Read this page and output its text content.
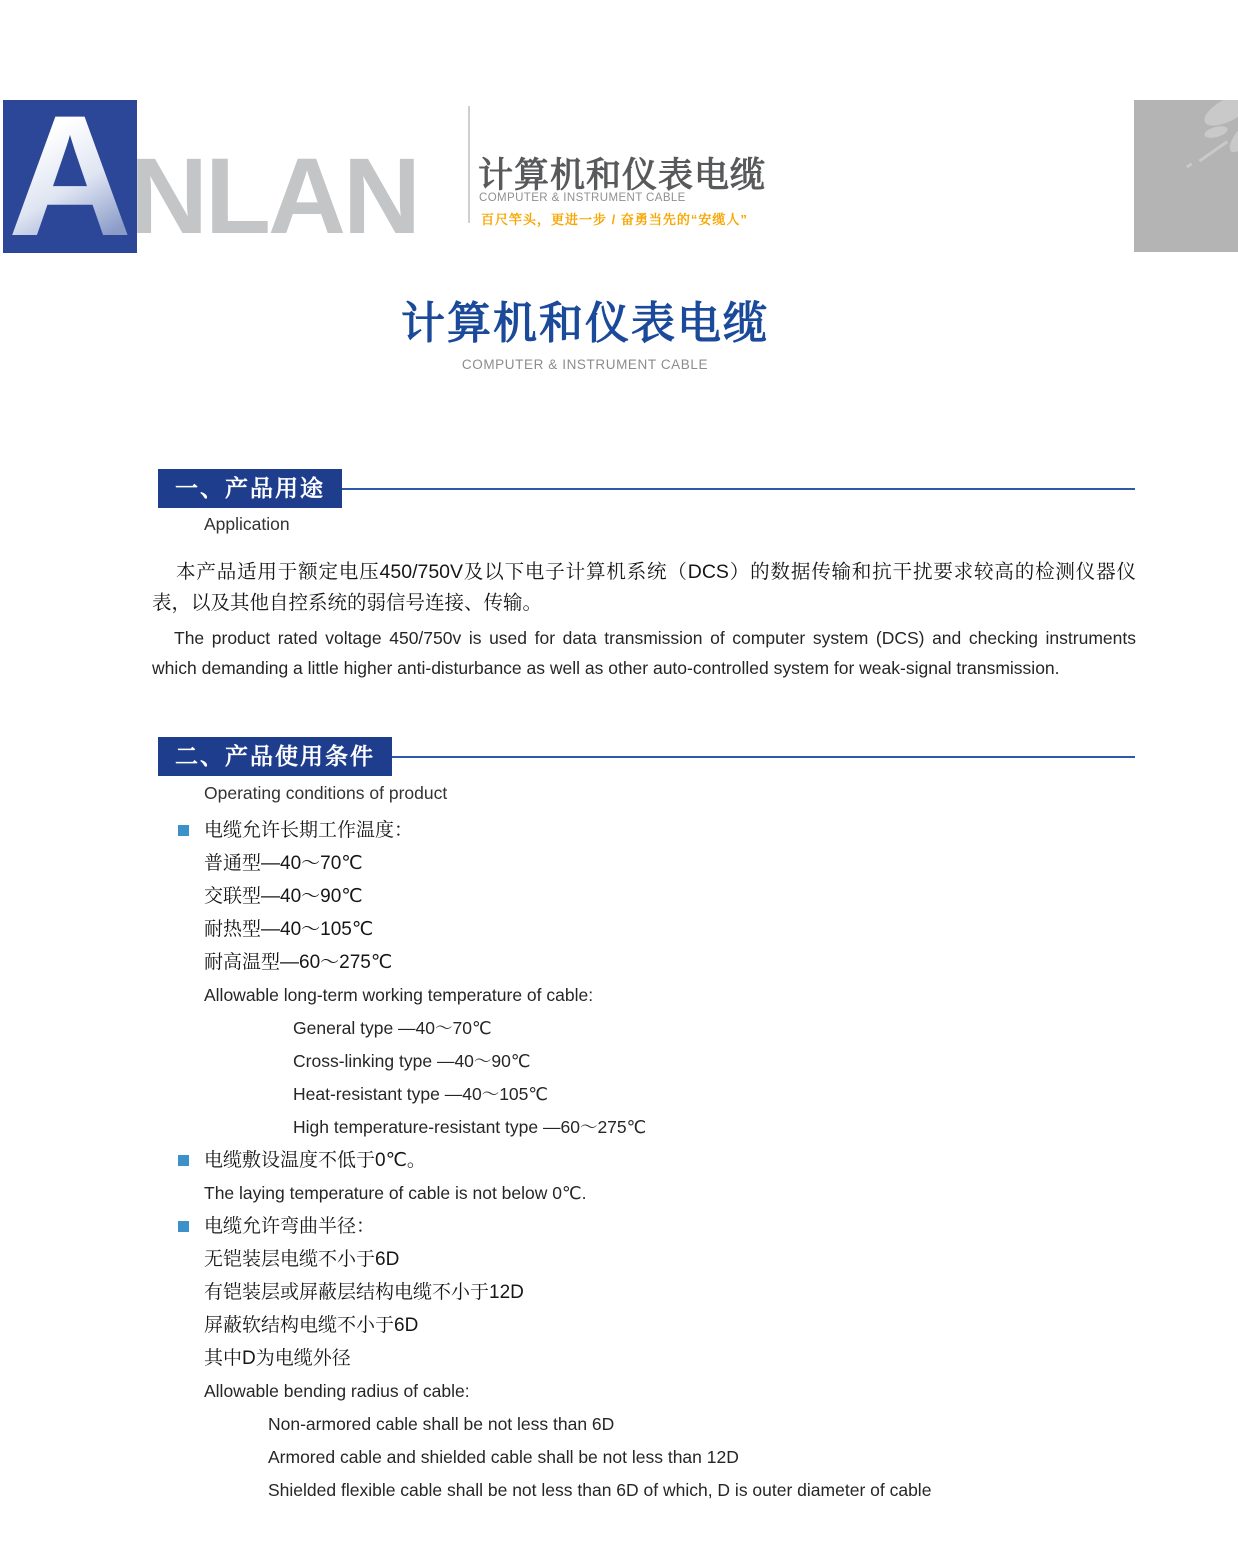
A
NLAN 计算机和仪表电缆
COMPUTER & INSTRUMENT CABLE
百尺竿头，更进一步 / 奋勇当先的“安缆人”
计算机和仪表电缆
COMPUTER & INSTRUMENT CABLE
一、产品用途
Application
本产品适用于额定电压450/750V及以下电子计算机系统（DCS）的数据传输和抗干扰要求较高的检测仪器仪表，以及其他自控系统的弱信号连接、传输。
The product rated voltage 450/750v is used for data transmission of computer system (DCS) and checking instruments which demanding a little higher anti-disturbance as well as other auto-controlled system for weak-signal transmission.
二、产品使用条件
Operating conditions of product
电缆允许长期工作温度：
普通型—40～70℃
交联型—40～90℃
耐热型—40～105℃
耐高温型—60～275℃
Allowable long-term working temperature of cable:
General type —40～70℃
Cross-linking type —40～90℃
Heat-resistant type —40～105℃
High temperature-resistant type —60～275℃
电缆敷设温度不低于0℃。
The laying temperature of cable is not below 0℃.
电缆允许弯曲半径：
无铠装层电缆不小于6D
有铠装层或屏蔽层结构电缆不小于12D
屏蔽软结构电缆不小于6D
其中D为电缆外径
Allowable bending radius of cable:
Non-armored cable shall be not less than 6D
Armored cable and shielded cable shall be not less than 12D
Shielded flexible cable shall be not less than 6D of which, D is outer diameter of cable
